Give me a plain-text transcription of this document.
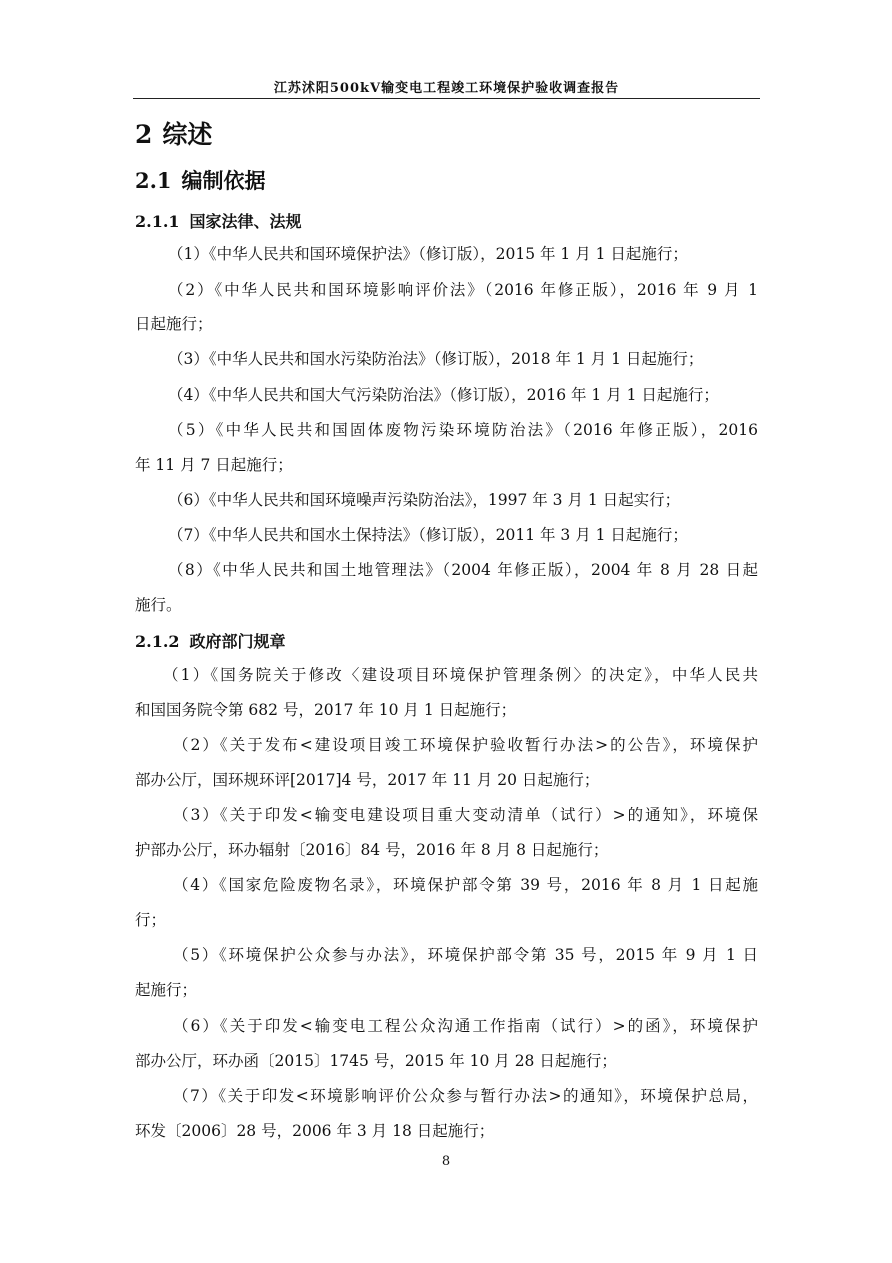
江苏沭阳500kV输变电工程竣工环境保护验收调查报告
2 综述
2.1 编制依据
2.1.1 国家法律、法规
（1）《中华人民共和国环境保护法》（修订版），2015 年 1 月 1 日起施行；
（2）《中华人民共和国环境影响评价法》（2016 年修正版），2016 年 9 月 1
日起施行；
（3）《中华人民共和国水污染防治法》（修订版），2018 年 1 月 1 日起施行；
（4）《中华人民共和国大气污染防治法》（修订版），2016 年 1 月 1 日起施行；
（5）《中华人民共和国固体废物污染环境防治法》（2016 年修正版），2016
年 11 月 7 日起施行；
（6）《中华人民共和国环境噪声污染防治法》，1997 年 3 月 1 日起实行；
（7）《中华人民共和国水土保持法》（修订版），2011 年 3 月 1 日起施行；
（8）《中华人民共和国土地管理法》（2004 年修正版），2004 年 8 月 28 日起
施行。
2.1.2 政府部门规章
（1）《国务院关于修改〈建设项目环境保护管理条例〉的决定》，中华人民共
和国国务院令第 682 号，2017 年 10 月 1 日起施行；
（2）《关于发布<建设项目竣工环境保护验收暂行办法>的公告》，环境保护
部办公厅，国环规环评[2017]4 号，2017 年 11 月 20 日起施行；
（3）《关于印发<输变电建设项目重大变动清单（试行）>的通知》，环境保
护部办公厅，环办辐射〔2016〕84 号，2016 年 8 月 8 日起施行；
（4）《国家危险废物名录》，环境保护部令第 39 号，2016 年 8 月 1 日起施
行；
（5）《环境保护公众参与办法》，环境保护部令第 35 号，2015 年 9 月 1 日
起施行；
（6）《关于印发<输变电工程公众沟通工作指南（试行）>的函》，环境保护
部办公厅，环办函〔2015〕1745 号，2015 年 10 月 28 日起施行；
（7）《关于印发<环境影响评价公众参与暂行办法>的通知》，环境保护总局，
环发〔2006〕28 号，2006 年 3 月 18 日起施行；
8
